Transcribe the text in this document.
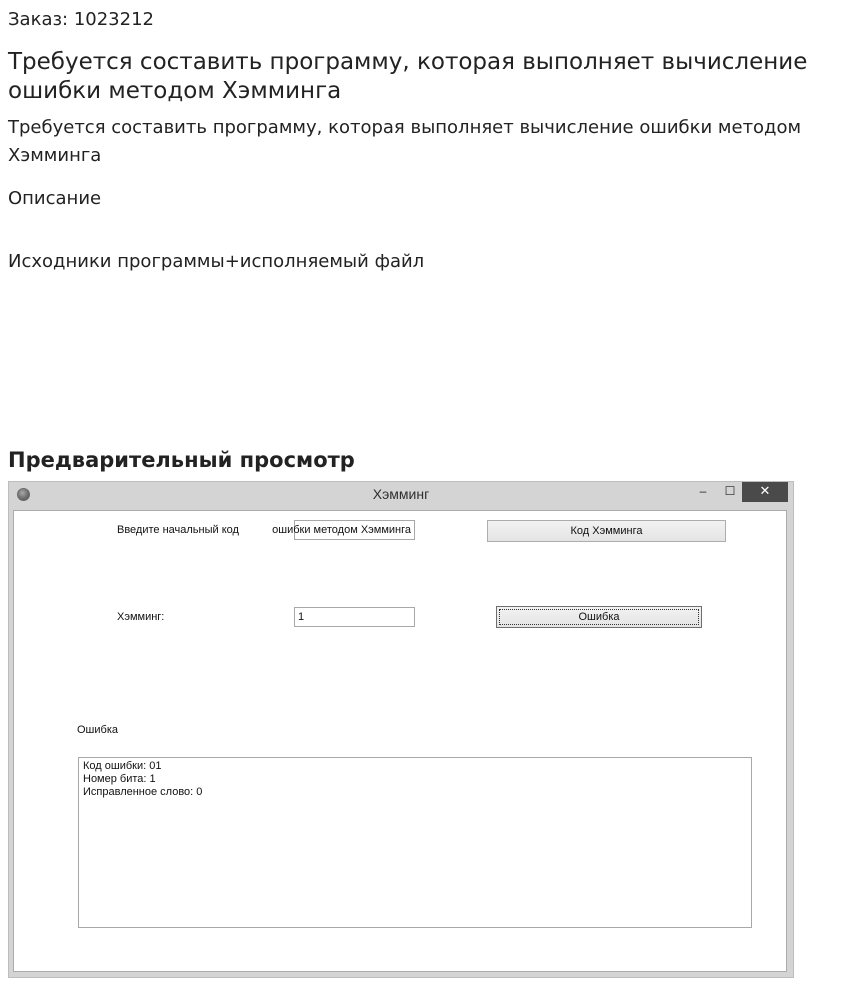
Заказ: 1023212
Требуется составить программу, которая выполняет вычисление ошибки методом Хэмминга
Требуется составить программу, которая выполняет вычисление ошибки методом Хэмминга
Описание
Исходники программы+исполняемый файл
Предварительный просмотр
Хэмминг	–	☐	✕
Введите начальный код	ошибки методом Хэмминга	Код Хэмминга
Хэмминг:	1	Ошибка
Ошибка
Код ошибки: 01
Номер бита: 1
Исправленное слово: 0
